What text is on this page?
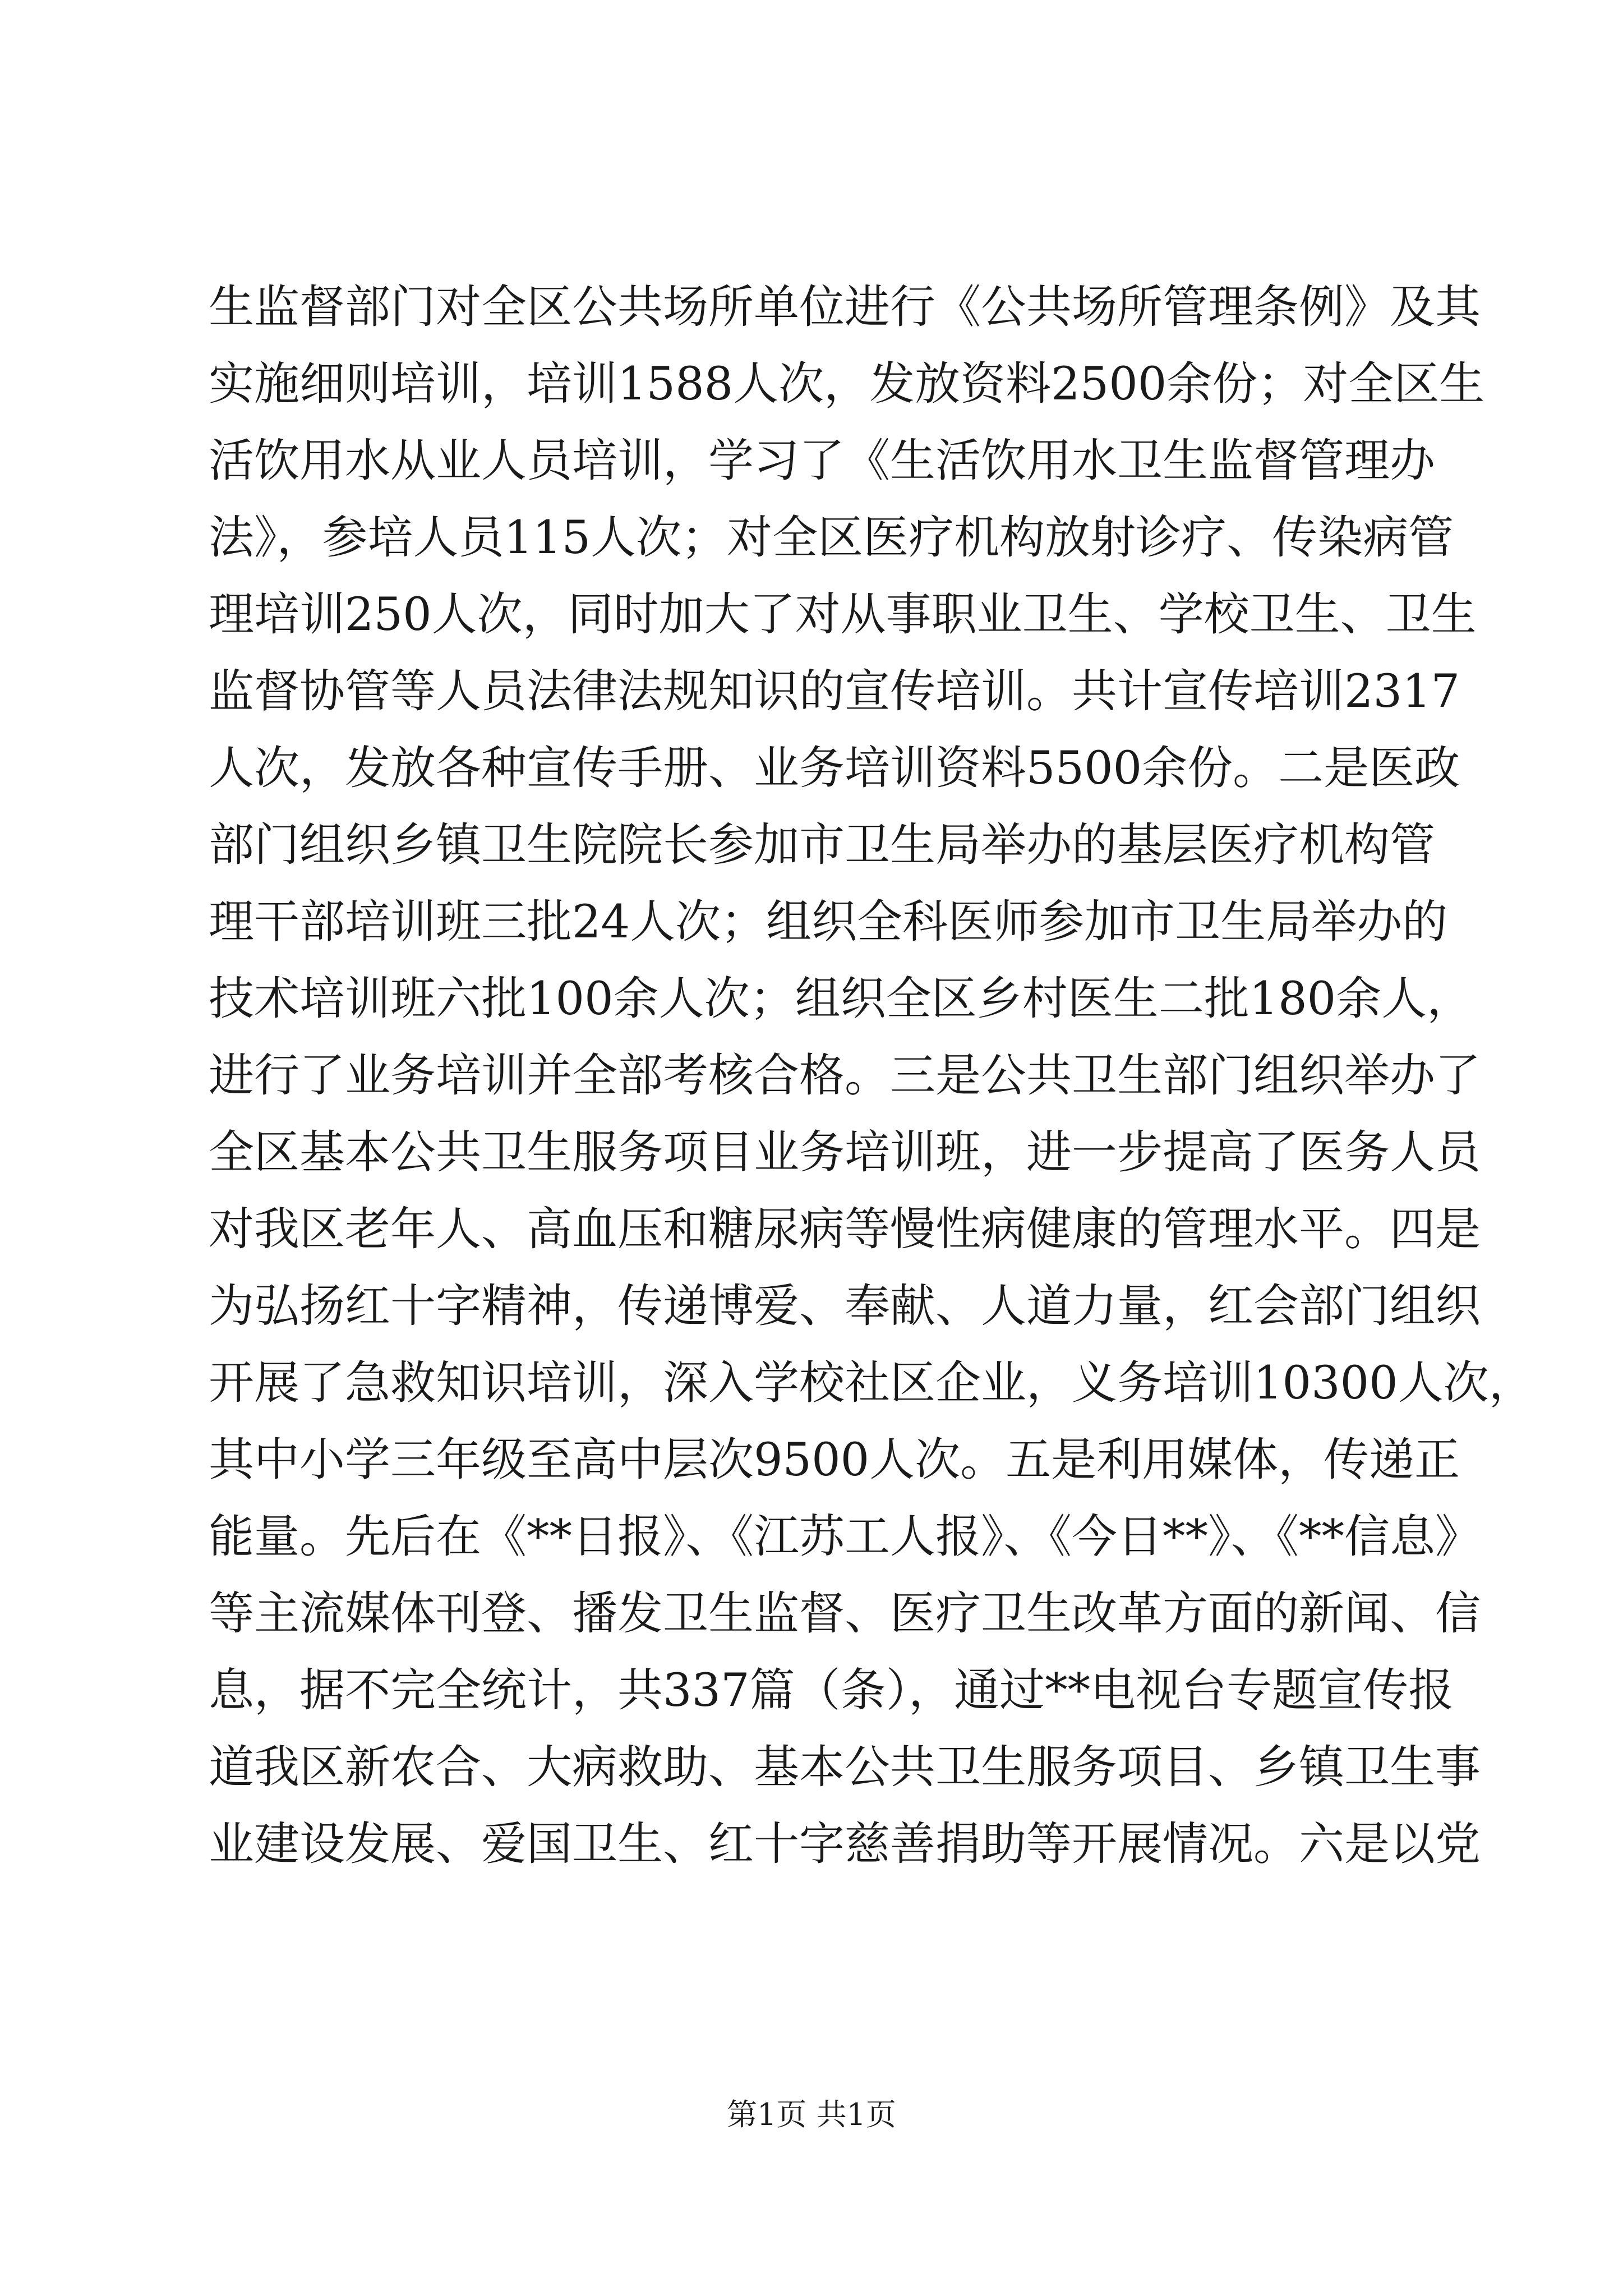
生监督部门对全区公共场所单位进行《公共场所管理条例》及其
实施细则培训，培训1588人次，发放资料2500余份；对全区生
活饮用水从业人员培训，学习了《生活饮用水卫生监督管理办
法》，参培人员115人次；对全区医疗机构放射诊疗、传染病管
理培训250人次，同时加大了对从事职业卫生、学校卫生、卫生
监督协管等人员法律法规知识的宣传培训。共计宣传培训2317
人次，发放各种宣传手册、业务培训资料5500余份。二是医政
部门组织乡镇卫生院院长参加市卫生局举办的基层医疗机构管
理干部培训班三批24人次；组织全科医师参加市卫生局举办的
技术培训班六批100余人次；组织全区乡村医生二批180余人，
进行了业务培训并全部考核合格。三是公共卫生部门组织举办了
全区基本公共卫生服务项目业务培训班，进一步提高了医务人员
对我区老年人、高血压和糖尿病等慢性病健康的管理水平。四是
为弘扬红十字精神，传递博爱、奉献、人道力量，红会部门组织
开展了急救知识培训，深入学校社区企业，义务培训10300人次，
其中小学三年级至高中层次9500人次。五是利用媒体，传递正
能量。先后在《**日报》、《江苏工人报》、《今日**》、《**信息》
等主流媒体刊登、播发卫生监督、医疗卫生改革方面的新闻、信
息，据不完全统计，共337篇（条），通过**电视台专题宣传报
道我区新农合、大病救助、基本公共卫生服务项目、乡镇卫生事
业建设发展、爱国卫生、红十字慈善捐助等开展情况。六是以党
第1页 共1页
